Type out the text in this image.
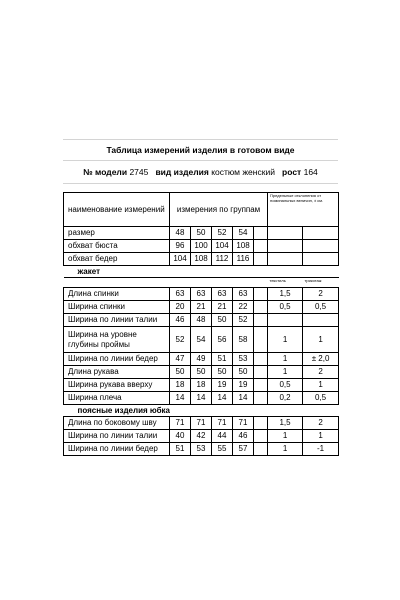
Таблица измерений изделия в готовом виде
№ модели 2745 вид изделия костюм женский рост 164
наименование измерений	измерения по группам					Предельные отклонения от номинальных величин, ± см.	
размер	48	50	52	54			
обхват бюста	96	100	104	108			
обхват бедер	104	108	112	116			
жакет							
						текстиль	трикотаж
Длина спинки	63	63	63	63		1,5	2
Ширина спинки	20	21	21	22		0,5	0,5
Ширина по линии талии	46	48	50	52			
Ширина на уровне глубины проймы	52	54	56	58		1	1
Ширина по линии бедер	47	49	51	53		1	± 2,0
Длина рукава	50	50	50	50		1	2
Ширина рукава вверху	18	18	19	19		0,5	1
Ширина плеча	14	14	14	14		0,2	0,5
поясные изделия юбка							
Длина по боковому шву	71	71	71	71		1,5	2
Ширина по линии талии	40	42	44	46		1	1
Ширина по линии бедер	51	53	55	57		1	-1
